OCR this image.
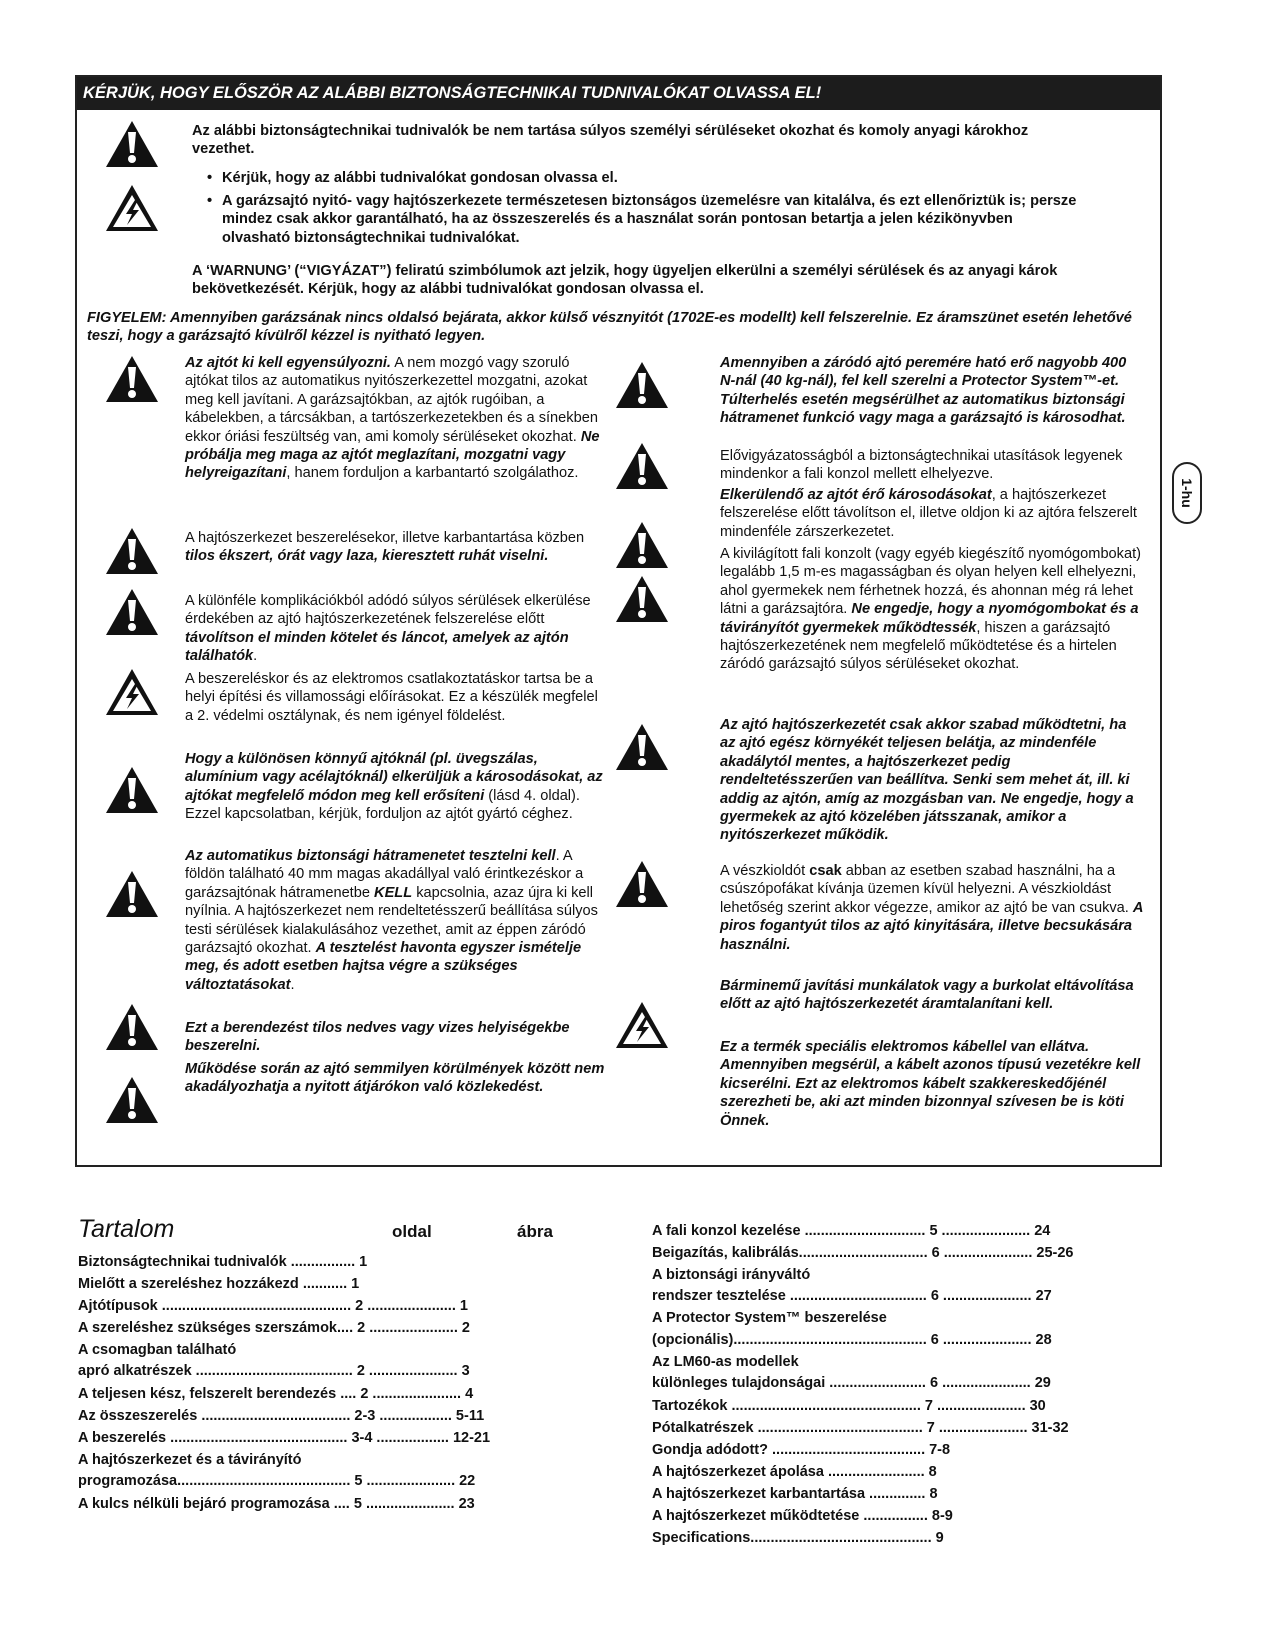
KÉRJÜK, HOGY ELŐSZÖR AZ ALÁBBI BIZTONSÁGTECHNIKAI TUDNIVALÓKAT OLVASSA EL!
Az alábbi biztonságtechnikai tudnivalók be nem tartása súlyos személyi sérüléseket okozhat és komoly anyagi károkhoz vezethet.
• Kérjük, hogy az alábbi tudnivalókat gondosan olvassa el.
• A garázsajtó nyitó- vagy hajtószerkezete természetesen biztonságos üzemelésre van kitalálva, és ezt ellenőriztük is; persze mindez csak akkor garantálható, ha az összeszerelés és a használat során pontosan betartja a jelen kézikönyvben olvasható biztonságtechnikai tudnivalókat.
A ‘WARNUNG’ (“VIGYÁZAT”) feliratú szimbólumok azt jelzik, hogy ügyeljen elkerülni a személyi sérülések és az anyagi károk bekövetkezését. Kérjük, hogy az alábbi tudnivalókat gondosan olvassa el.
FIGYELEM: Amennyiben garázsának nincs oldalsó bejárata, akkor külső vésznyitót (1702E-es modellt) kell felszerelnie. Ez áramszünet esetén lehetővé teszi, hogy a garázsajtó kívülről kézzel is nyitható legyen.
Az ajtót ki kell egyensúlyozni. A nem mozgó vagy szoruló ajtókat tilos az automatikus nyitószerkezettel mozgatni, azokat meg kell javítani. A garázsajtókban, az ajtók rugóiban, a kábelekben, a tárcsákban, a tartószerkezetekben és a sínekben ekkor óriási feszültség van, ami komoly sérüléseket okozhat. Ne próbálja meg maga az ajtót meglazítani, mozgatni vagy helyreigazítani, hanem forduljon a karbantartó szolgálathoz.
A hajtószerkezet beszerelésekor, illetve karbantartása közben tilos ékszert, órát vagy laza, kieresztett ruhát viselni.
A különféle komplikációkból adódó súlyos sérülések elkerülése érdekében az ajtó hajtószerkezetének felszerelése előtt távolítson el minden kötelet és láncot, amelyek az ajtón találhatók.
A beszereléskor és az elektromos csatlakoztatáskor tartsa be a helyi építési és villamossági előírásokat. Ez a készülék megfelel a 2. védelmi osztálynak, és nem igényel földelést.
Hogy a különösen könnyű ajtóknál (pl. üvegszálas, alumínium vagy acélajtóknál) elkerüljük a károsodásokat, az ajtókat megfelelő módon meg kell erősíteni (lásd 4. oldal). Ezzel kapcsolatban, kérjük, forduljon az ajtót gyártó céghez.
Az automatikus biztonsági hátramenetet tesztelni kell. A földön található 40 mm magas akadállyal való érintkezéskor a garázsajtónak hátramenetbe KELL kapcsolnia, azaz újra ki kell nyílnia. A hajtószerkezet nem rendeltetésszerű beállítása súlyos testi sérülések kialakulásához vezethet, amit az éppen záródó garázsajtó okozhat. A tesztelést havonta egyszer ismételje meg, és adott esetben hajtsa végre a szükséges változtatásokat.
Ezt a berendezést tilos nedves vagy vizes helyiségekbe beszerelni.
Működése során az ajtó semmilyen körülmények között nem akadályozhatja a nyitott átjárókon való közlekedést.
Amennyiben a záródó ajtó peremére ható erő nagyobb 400 N-nál (40 kg-nál), fel kell szerelni a Protector System™-et. Túlterhelés esetén megsérülhet az automatikus biztonsági hátramenet funkció vagy maga a garázsajtó is károsodhat.
Elővigyázatosságból a biztonságtechnikai utasítások legyenek mindenkor a fali konzol mellett elhelyezve.
Elkerülendő az ajtót érő károsodásokat, a hajtószerkezet felszerelése előtt távolítson el, illetve oldjon ki az ajtóra felszerelt mindenféle zárszerkezetet.
A kivilágított fali konzolt (vagy egyéb kiegészítő nyomógombokat) legalább 1,5 m-es magasságban és olyan helyen kell elhelyezni, ahol gyermekek nem férhetnek hozzá, és ahonnan még rá lehet látni a garázsajtóra. Ne engedje, hogy a nyomógombokat és a távirányítót gyermekek működtessék, hiszen a garázsajtó hajtószerkezetének nem megfelelő működtetése és a hirtelen záródó garázsajtó súlyos sérüléseket okozhat.
Az ajtó hajtószerkezetét csak akkor szabad működtetni, ha az ajtó egész környékét teljesen belátja, az mindenféle akadálytól mentes, a hajtószerkezet pedig rendeltetésszerűen van beállítva. Senki sem mehet át, ill. ki addig az ajtón, amíg az mozgásban van. Ne engedje, hogy a gyermekek az ajtó közelében játsszanak, amikor a nyitószerkezet működik.
A vészkioldót csak abban az esetben szabad használni, ha a csúszópofákat kívánja üzemen kívül helyezni. A vészkioldást lehetőség szerint akkor végezze, amikor az ajtó be van csukva. A piros fogantyút tilos az ajtó kinyitására, illetve becsukására használni.
Bárminemű javítási munkálatok vagy a burkolat eltávolítása előtt az ajtó hajtószerkezetét áramtalanítani kell.
Ez a termék speciális elektromos kábellel van ellátva. Amennyiben megsérül, a kábelt azonos típusú vezetékre kell kicserélni. Ezt az elektromos kábelt szakkereskedőjénél szerezheti be, aki azt minden bizonnyal szívesen be is köti Önnek.
1-hu
Tartalom	oldal	ábra
Biztonságtechnikai tudnivalók ................ 1
Mielőtt a szereléshez hozzákezd ........... 1
Ajtótípusok ............................................... 2 ...................... 1
A szereléshez szükséges szerszámok.... 2 ...................... 2
A csomagban található
apró alkatrészek ....................................... 2 ...................... 3
A teljesen kész, felszerelt berendezés .... 2 ...................... 4
Az összeszerelés ..................................... 2-3 .................. 5-11
A beszerelés ............................................ 3-4 .................. 12-21
A hajtószerkezet és a távirányító
programozása........................................... 5 ...................... 22
A kulcs nélküli bejáró programozása .... 5 ...................... 23
A fali konzol kezelése .............................. 5 ...................... 24
Beigazítás, kalibrálás................................ 6 ...................... 25-26
A biztonsági irányváltó
rendszer tesztelése .................................. 6 ...................... 27
A Protector System™ beszerelése
(opcionális)................................................ 6 ...................... 28
Az LM60-as modellek
különleges tulajdonságai ........................ 6 ...................... 29
Tartozékok ............................................... 7 ...................... 30
Pótalkatrészek ......................................... 7 ...................... 31-32
Gondja adódott? ...................................... 7-8
A hajtószerkezet ápolása ........................ 8
A hajtószerkezet karbantartása .............. 8
A hajtószerkezet működtetése ................ 8-9
Specifications............................................. 9
